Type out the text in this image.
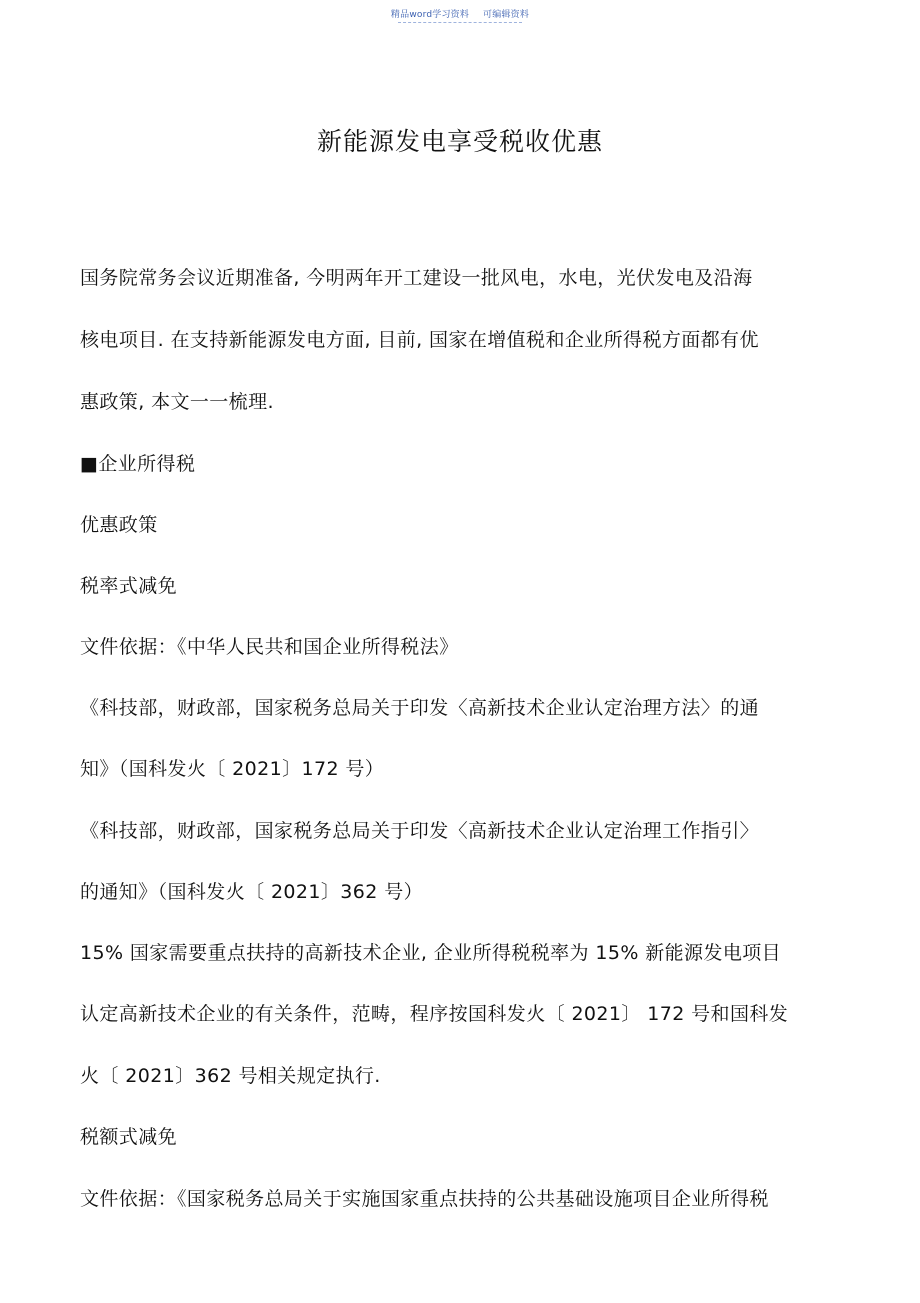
精品word学习资料 可编辑资料
新能源发电享受税收优惠
国务院常务会议近期准备, 今明两年开工建设一批风电，水电，光伏发电及沿海
核电项目. 在支持新能源发电方面, 目前, 国家在增值税和企业所得税方面都有优
惠政策, 本文一一梳理.
■企业所得税
优惠政策
税率式减免
文件依据：《中华人民共和国企业所得税法》
《科技部，财政部，国家税务总局关于印发〈高新技术企业认定治理方法〉的通
知》（国科发火〔 2021〕172 号）
《科技部，财政部，国家税务总局关于印发〈高新技术企业认定治理工作指引〉
的通知》（国科发火〔 2021〕362 号）
15% 国家需要重点扶持的高新技术企业, 企业所得税税率为 15% 新能源发电项目
认定高新技术企业的有关条件，范畴，程序按国科发火〔 2021〕 172 号和国科发
火〔 2021〕362 号相关规定执行.
税额式减免
文件依据：《国家税务总局关于实施国家重点扶持的公共基础设施项目企业所得税
